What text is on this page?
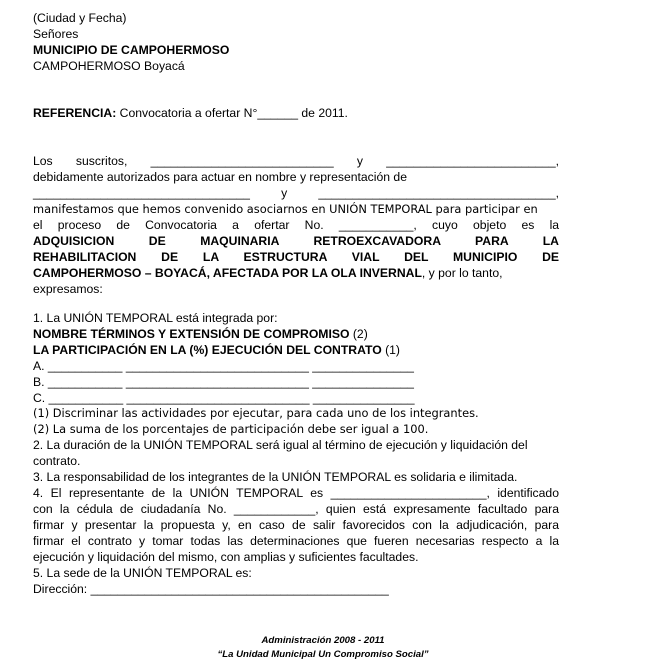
(Ciudad y Fecha)
Señores
MUNICIPIO DE CAMPOHERMOSO
CAMPOHERMOSO Boyacá
REFERENCIA: Convocatoria a ofertar N°______ de 2011.
Los suscritos, ___________________________ y _________________________,
debidamente autorizados para actuar en nombre y representación de
________________________________	y	___________________________________,
manifestamos que hemos convenido asociarnos en UNIÓN TEMPORAL para participar en
el proceso de Convocatoria a ofertar No. ___________, cuyo objeto es la
ADQUISICION	DE	MAQUINARIA	RETROEXCAVADORA	PARA	LA
REHABILITACION DE LA ESTRUCTURA VIAL DEL MUNICIPIO DE
CAMPOHERMOSO – BOYACÁ, AFECTADA POR LA OLA INVERNAL, y por lo tanto,
expresamos:
1. La UNIÓN TEMPORAL está integrada por:
NOMBRE TÉRMINOS Y EXTENSIÓN DE COMPROMISO (2)
LA PARTICIPACIÓN EN LA (%) EJECUCIÓN DEL CONTRATO (1)
A. ___________ ___________________________ _______________
B. ___________ ___________________________ _______________
C. ___________ ___________________________ _______________
(1) Discriminar las actividades por ejecutar, para cada uno de los integrantes.
(2) La suma de los porcentajes de participación debe ser igual a 100.
2. La duración de la UNIÓN TEMPORAL será igual al término de ejecución y liquidación del
contrato.
3. La responsabilidad de los integrantes de la UNIÓN TEMPORAL es solidaria e ilimitada.
4. El representante de la UNIÓN TEMPORAL es _______________________, identificado
con la cédula de ciudadanía No. ____________, quien está expresamente facultado para
firmar y presentar la propuesta y, en caso de salir favorecidos con la adjudicación, para
firmar el contrato y tomar todas las determinaciones que fueren necesarias respecto a la
ejecución y liquidación del mismo, con amplias y suficientes facultades.
5. La sede de la UNIÓN TEMPORAL es:
Dirección: ____________________________________________
Administración 2008 - 2011
“La Unidad Municipal Un Compromiso Social”
